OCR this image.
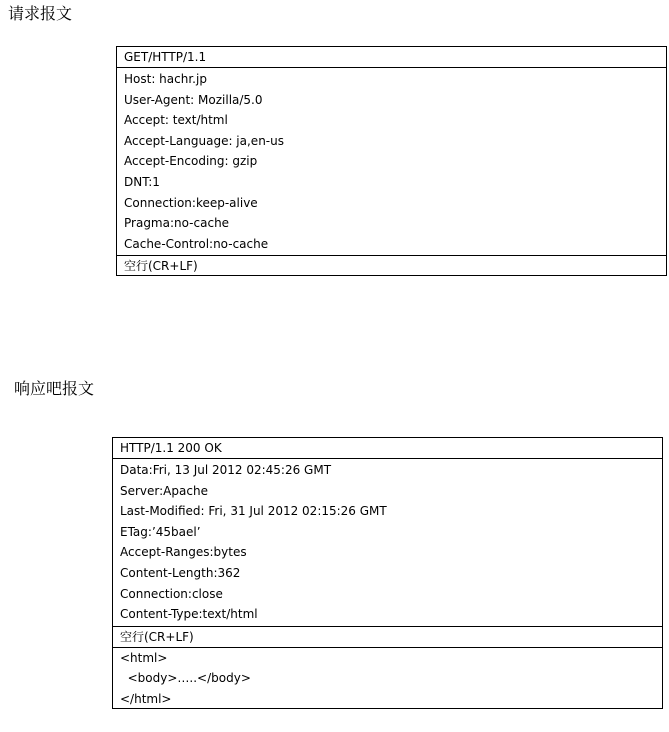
请求报文
GET/HTTP/1.1
Host: hachr.jp
User-Agent: Mozilla/5.0
Accept: text/html
Accept-Language: ja,en-us
Accept-Encoding: gzip
DNT:1
Connection:keep-alive
Pragma:no-cache
Cache-Control:no-cache
空行(CR+LF)
响应吧报文
HTTP/1.1 200 OK
Data:Fri, 13 Jul 2012 02:45:26 GMT
Server:Apache
Last-Modified: Fri, 31 Jul 2012 02:15:26 GMT
ETag:’45bael’
Accept-Ranges:bytes
Content-Length:362
Connection:close
Content-Type:text/html
空行(CR+LF)
<html>
<body>…..</body>
</html>
